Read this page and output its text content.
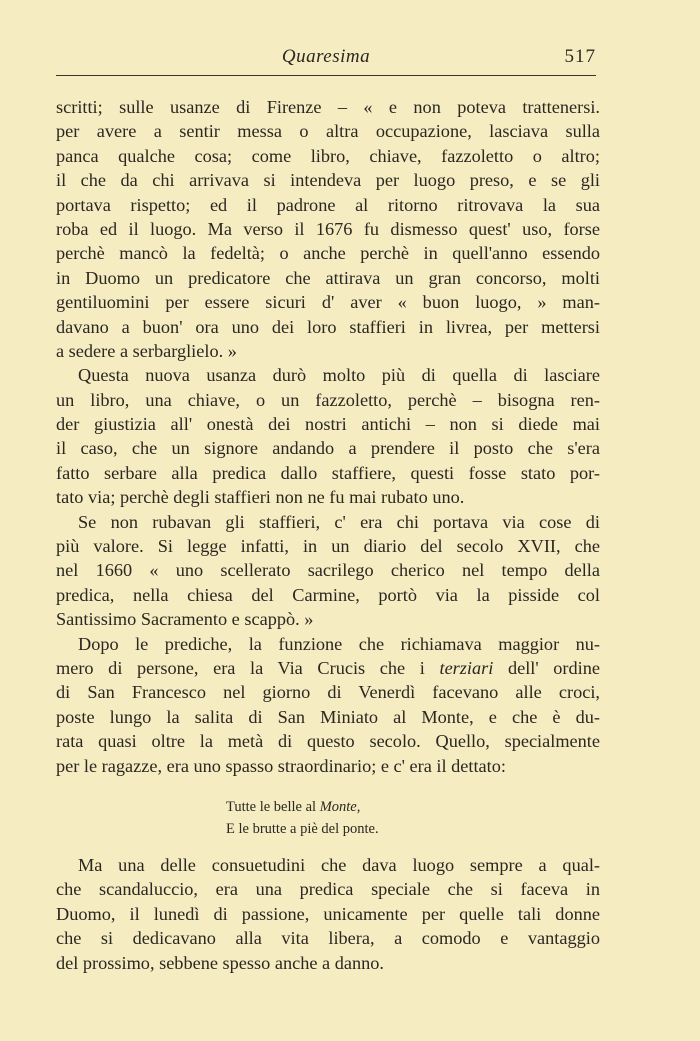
Quaresima	517
scritti; sulle usanze di Firenze – « e non poteva trattenersi.
per avere a sentir messa o altra occupazione, lasciava sulla
panca qualche cosa; come libro, chiave, fazzoletto o altro;
il che da chi arrivava si intendeva per luogo preso, e se gli
portava rispetto; ed il padrone al ritorno ritrovava la sua
roba ed il luogo. Ma verso il 1676 fu dismesso quest' uso, forse
perchè mancò la fedeltà; o anche perchè in quell'anno essendo
in Duomo un predicatore che attirava un gran concorso, molti
gentiluomini per essere sicuri d' aver « buon luogo, » man-
davano a buon' ora uno dei loro staffieri in livrea, per mettersi
a sedere a serbarglielo. »
Questa nuova usanza durò molto più di quella di lasciare
un libro, una chiave, o un fazzoletto, perchè – bisogna ren-
der giustizia all' onestà dei nostri antichi – non si diede mai
il caso, che un signore andando a prendere il posto che s'era
fatto serbare alla predica dallo staffiere, questi fosse stato por-
tato via; perchè degli staffieri non ne fu mai rubato uno.
Se non rubavan gli staffieri, c' era chi portava via cose di
più valore. Si legge infatti, in un diario del secolo XVII, che
nel 1660 « uno scellerato sacrilego cherico nel tempo della
predica, nella chiesa del Carmine, portò via la pisside col
Santissimo Sacramento e scappò. »
Dopo le prediche, la funzione che richiamava maggior nu-
mero di persone, era la Via Crucis che i terziari dell' ordine
di San Francesco nel giorno di Venerdì facevano alle croci,
poste lungo la salita di San Miniato al Monte, e che è du-
rata quasi oltre la metà di questo secolo. Quello, specialmente
per le ragazze, era uno spasso straordinario; e c' era il dettato:
Tutte le belle al Monte,
E le brutte a piè del ponte.
Ma una delle consuetudini che dava luogo sempre a qual-
che scandaluccio, era una predica speciale che si faceva in
Duomo, il lunedì di passione, unicamente per quelle tali donne
che si dedicavano alla vita libera, a comodo e vantaggio
del prossimo, sebbene spesso anche a danno.
